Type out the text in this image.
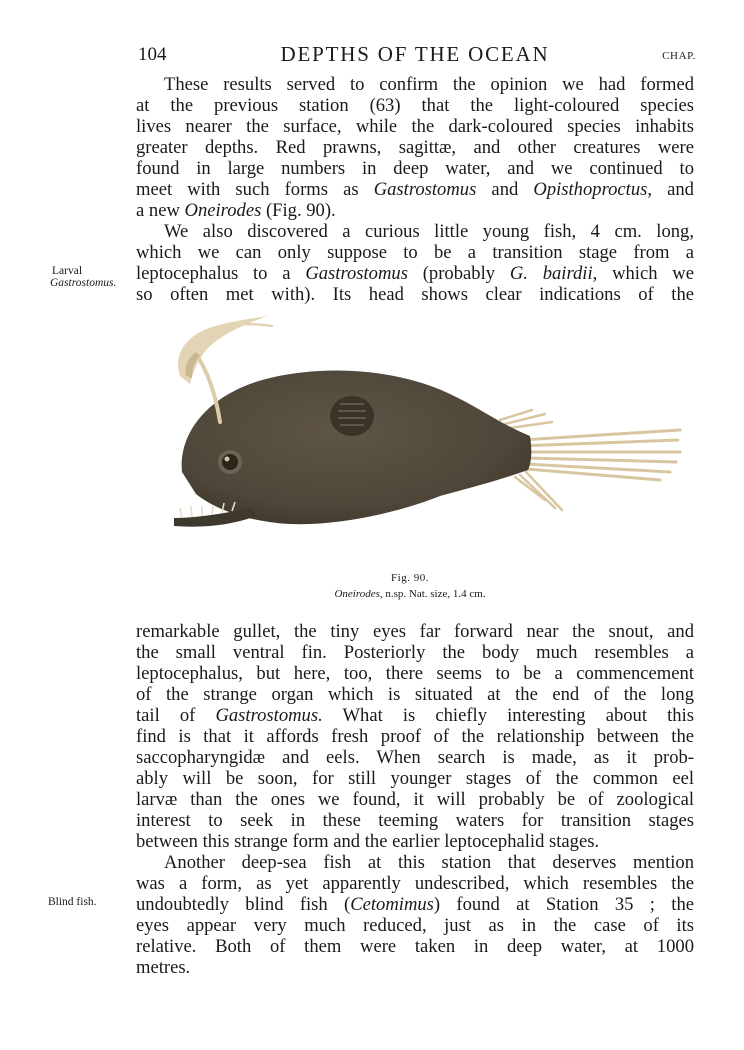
104	DEPTHS OF THE OCEAN	CHAP.
These results served to confirm the opinion we had formed
at the previous station (63) that the light-coloured species
lives nearer the surface, while the dark-coloured species inhabits
greater depths. Red prawns, sagittæ, and other creatures were
found in large numbers in deep water, and we continued to
meet with such forms as Gastrostomus and Opisthoproctus, and
a new Oneirodes (Fig. 90).
We also discovered a curious little young fish, 4 cm. long,
which we can only suppose to be a transition stage from a
leptocephalus to a Gastrostomus (probably G. bairdii, which we
so often met with). Its head shows clear indications of the
Larval
Gastrostomus.
Fig. 90.
Oneirodes, n.sp. Nat. size, 1.4 cm.
remarkable gullet, the tiny eyes far forward near the snout, and
the small ventral fin. Posteriorly the body much resembles a
leptocephalus, but here, too, there seems to be a commencement
of the strange organ which is situated at the end of the long
tail of Gastrostomus. What is chiefly interesting about this
find is that it affords fresh proof of the relationship between the
saccopharyngidæ and eels. When search is made, as it prob-
ably will be soon, for still younger stages of the common eel
larvæ than the ones we found, it will probably be of zoological
interest to seek in these teeming waters for transition stages
between this strange form and the earlier leptocephalid stages.
Another deep-sea fish at this station that deserves mention
was a form, as yet apparently undescribed, which resembles the
undoubtedly blind fish (Cetomimus) found at Station 35 ; the
eyes appear very much reduced, just as in the case of its
relative. Both of them were taken in deep water, at 1000
metres.
Blind fish.
